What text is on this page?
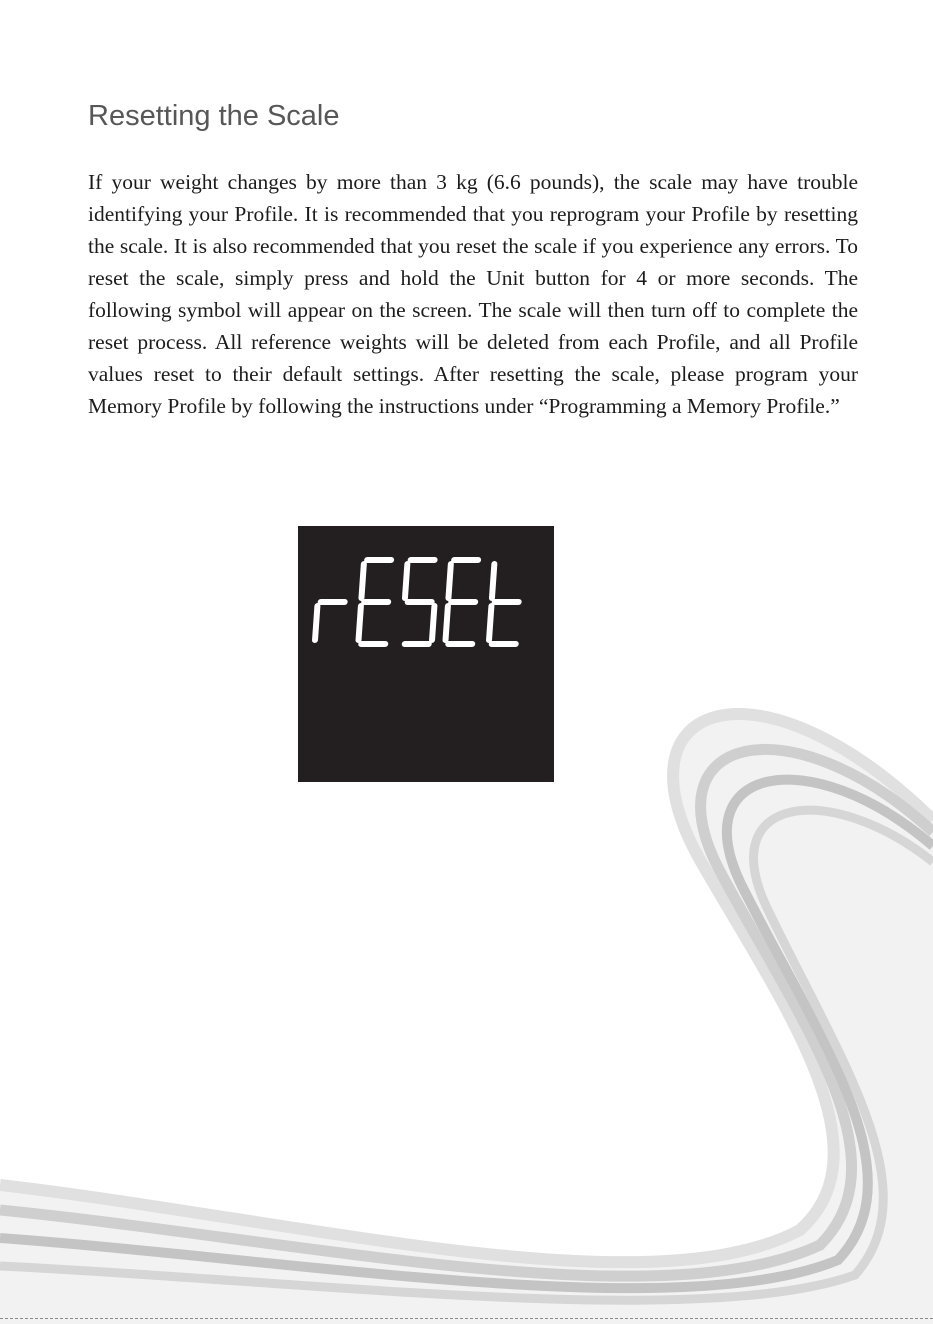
Resetting the Scale

If your weight changes by more than 3 kg (6.6 pounds), the scale may have trouble identifying your Profile. It is recommended that you reprogram your Profile by resetting the scale. It is also recommended that you reset the scale if you experience any errors. To reset the scale, simply press and hold the Unit button for 4 or more seconds. The following symbol will appear on the screen. The scale will then turn off to complete the reset process. All reference weights will be deleted from each Profile, and all Profile values reset to their default settings. After resetting the scale, please program your Memory Profile by following the instructions under “Programming a Memory Profile.”
